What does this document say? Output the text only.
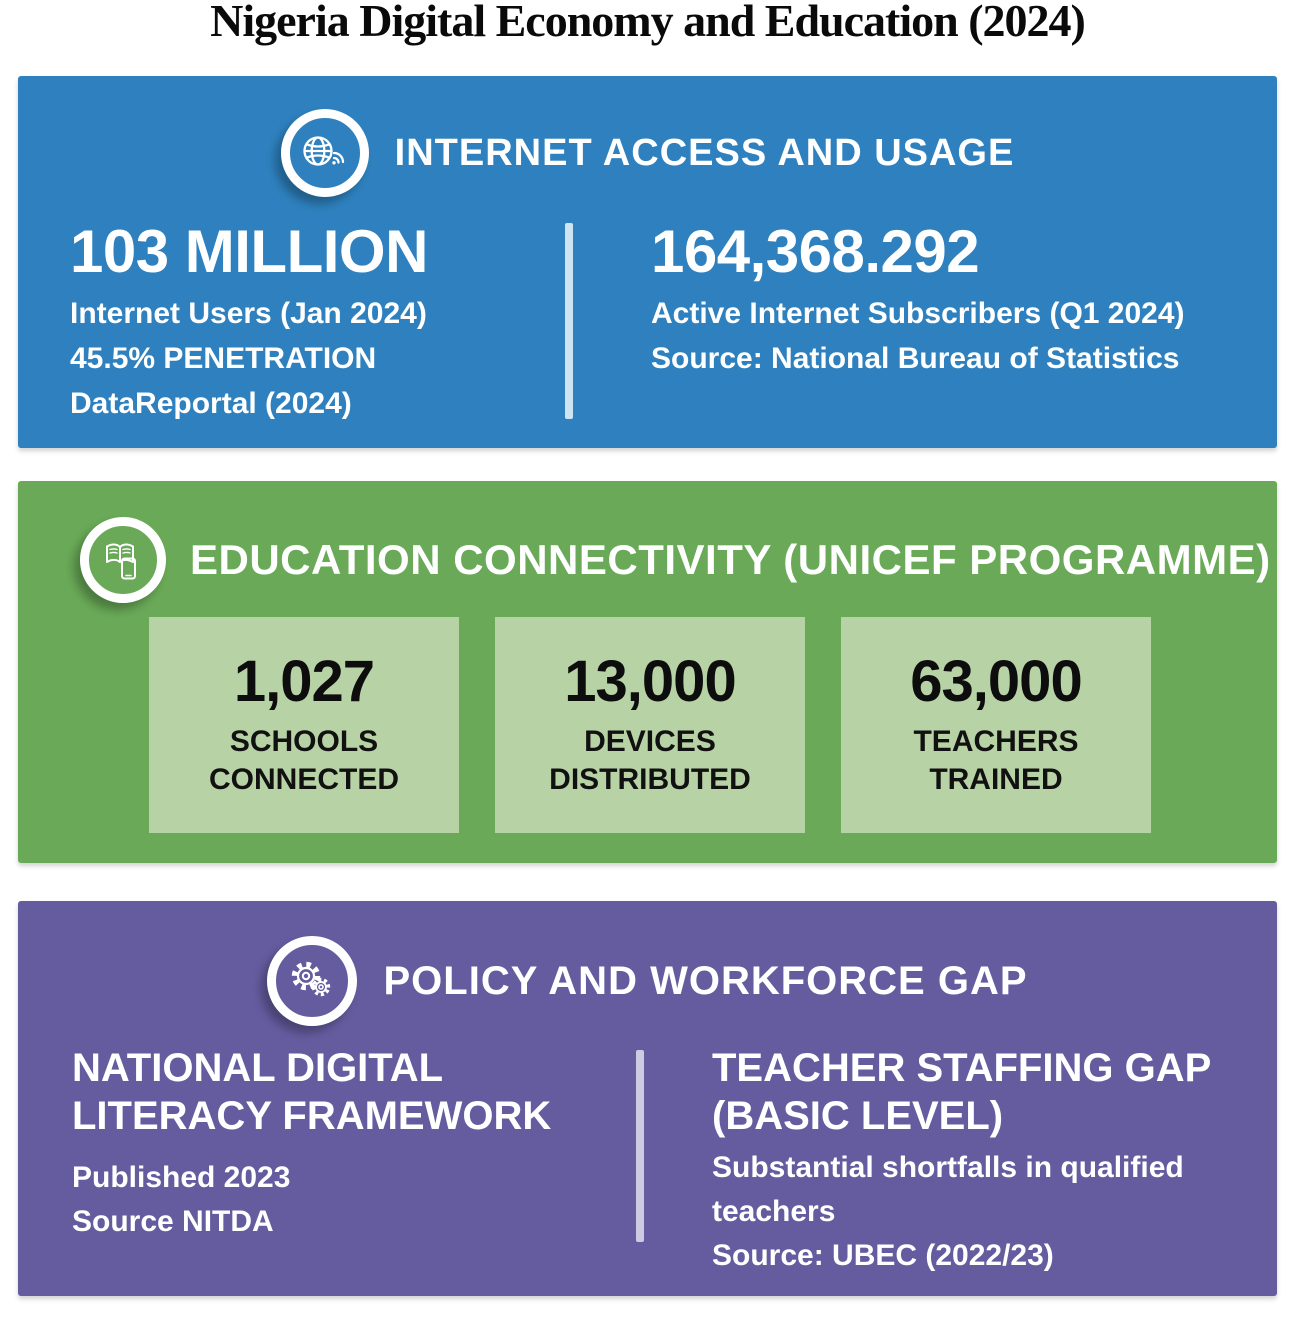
Nigeria Digital Economy and Education (2024)
INTERNET ACCESS AND USAGE
103 MILLION
Internet Users (Jan 2024)
45.5% PENETRATION
DataReportal (2024)
164,368.292
Active Internet Subscribers (Q1 2024)
Source: National Bureau of Statistics
EDUCATION CONNECTIVITY (UNICEF PROGRAMME)
1,027
SCHOOLS
CONNECTED
13,000
DEVICES
DISTRIBUTED
63,000
TEACHERS
TRAINED
POLICY AND WORKFORCE GAP
NATIONAL DIGITAL
LITERACY FRAMEWORK
Published 2023
Source NITDA
TEACHER STAFFING GAP
(BASIC LEVEL)
Substantial shortfalls in qualified teachers
Source: UBEC (2022/23)
